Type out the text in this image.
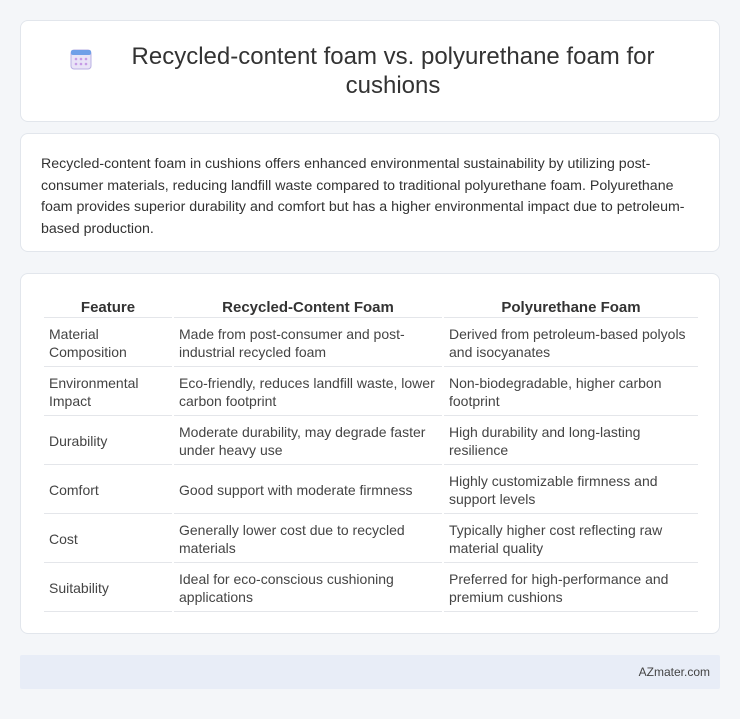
Recycled-content foam vs. polyurethane foam for cushions

Recycled-content foam in cushions offers enhanced environmental sustainability by utilizing post-consumer materials, reducing landfill waste compared to traditional polyurethane foam. Polyurethane foam provides superior durability and comfort but has a higher environmental impact due to petroleum-based production.

Feature	Recycled-Content Foam	Polyurethane Foam
Material Composition	Made from post-consumer and post-industrial recycled foam	Derived from petroleum-based polyols and isocyanates
Environmental Impact	Eco-friendly, reduces landfill waste, lower carbon footprint	Non-biodegradable, higher carbon footprint
Durability	Moderate durability, may degrade faster under heavy use	High durability and long-lasting resilience
Comfort	Good support with moderate firmness	Highly customizable firmness and support levels
Cost	Generally lower cost due to recycled materials	Typically higher cost reflecting raw material quality
Suitability	Ideal for eco-conscious cushioning applications	Preferred for high-performance and premium cushions
AZmater.com
